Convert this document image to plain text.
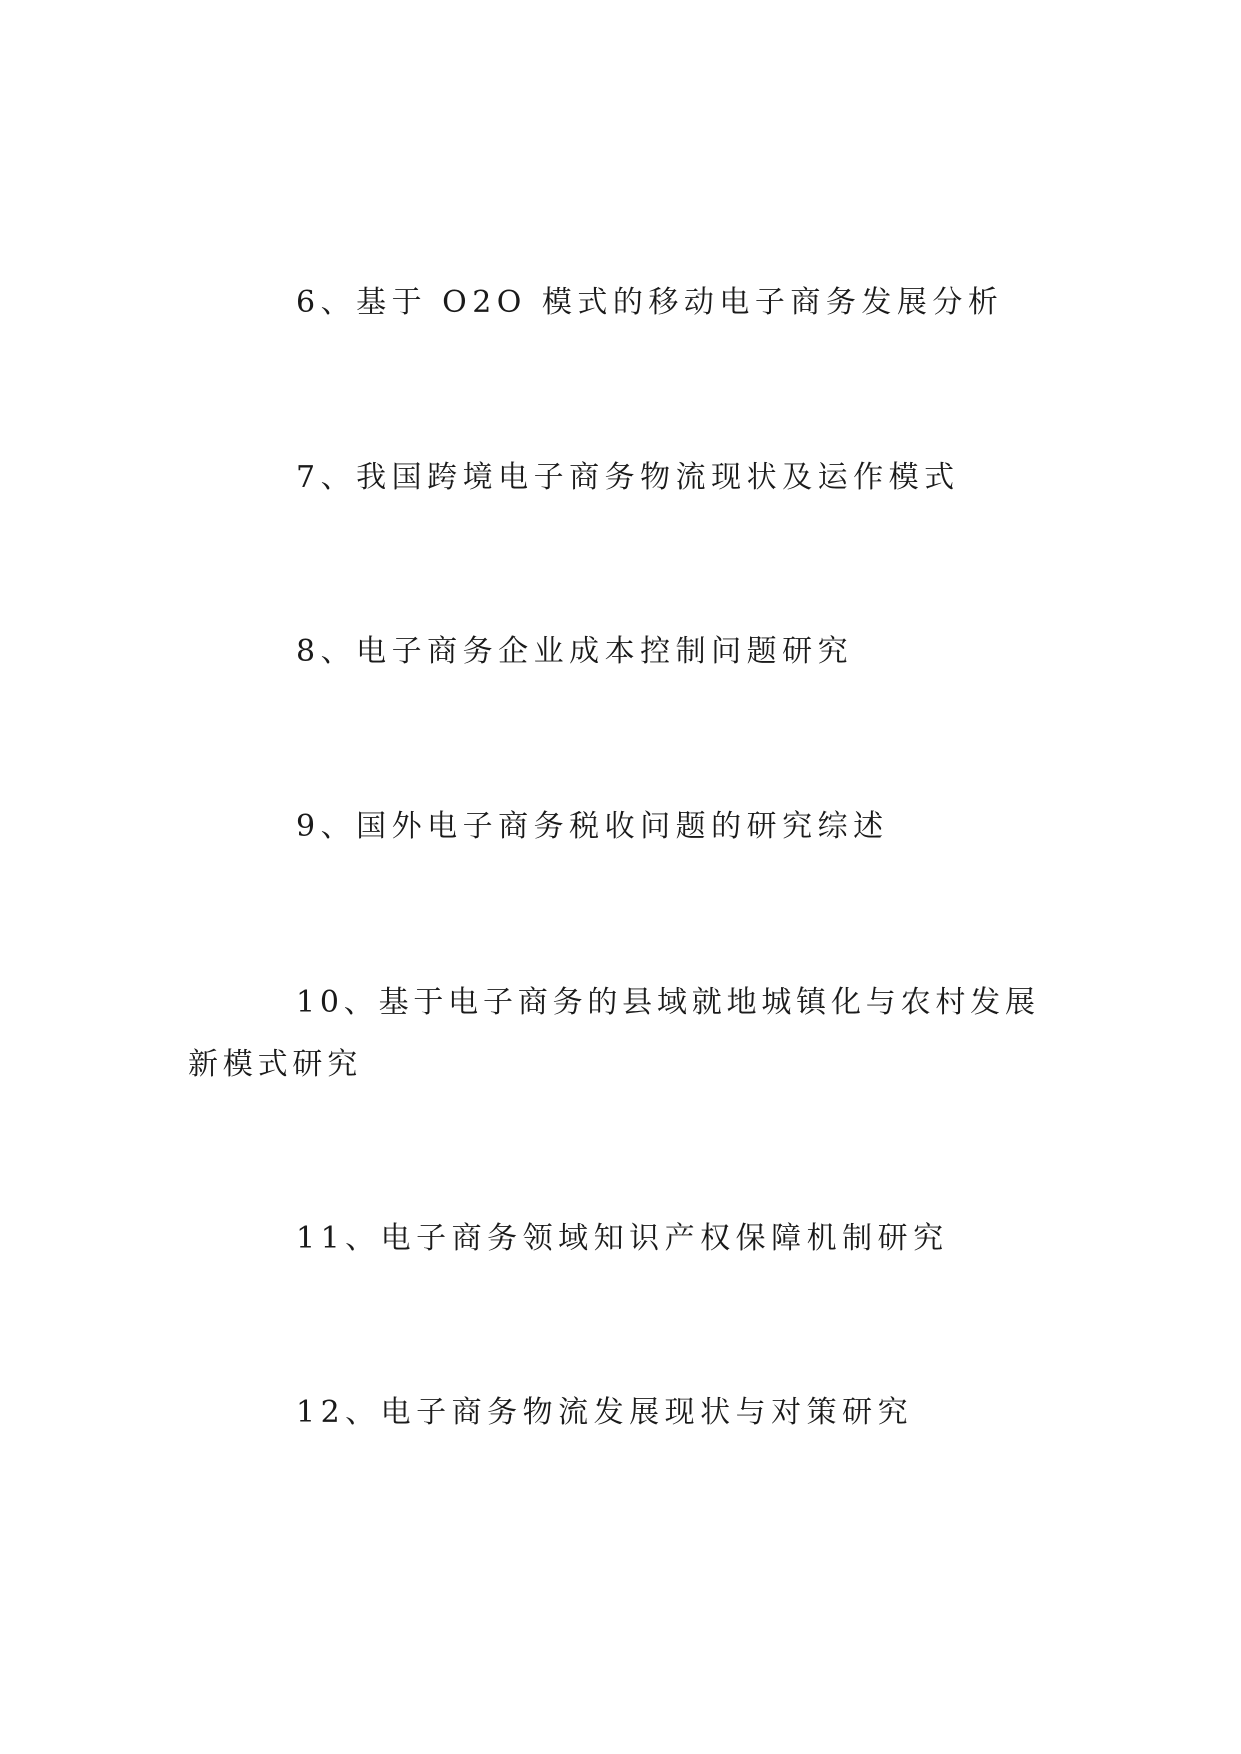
6、基于 O2O 模式的移动电子商务发展分析

7、我国跨境电子商务物流现状及运作模式

8、电子商务企业成本控制问题研究

9、国外电子商务税收问题的研究综述

10、基于电子商务的县域就地城镇化与农村发展新模式研究

11、电子商务领域知识产权保障机制研究

12、电子商务物流发展现状与对策研究
